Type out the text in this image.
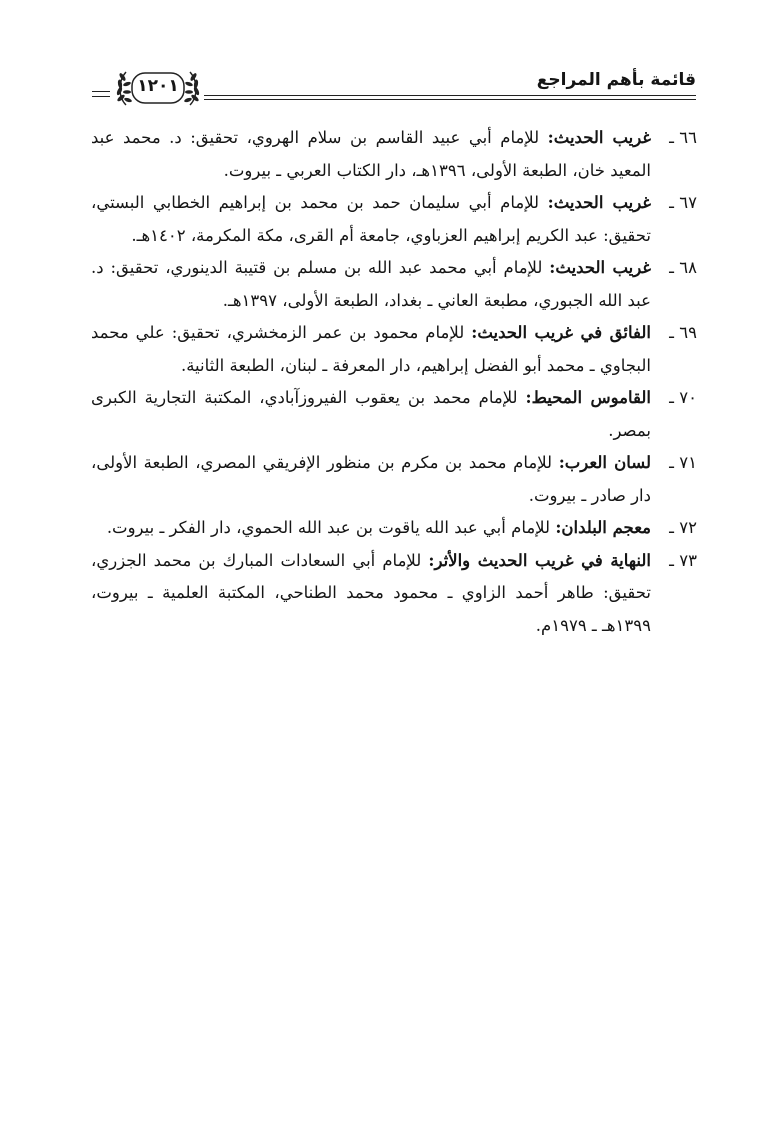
قائمة بأهم المراجع
١٢٠١
٦٦ ـ
غريب الحديث: للإمام أبي عبيد القاسم بن سلام الهروي، تحقيق: د. محمد عبد المعيد خان، الطبعة الأولى، ١٣٩٦هـ، دار الكتاب العربي ـ بيروت.
٦٧ ـ
غريب الحديث: للإمام أبي سليمان حمد بن محمد بن إبراهيم الخطابي البستي، تحقيق: عبد الكريم إبراهيم العزباوي، جامعة أم القرى، مكة المكرمة، ١٤٠٢هـ.
٦٨ ـ
غريب الحديث: للإمام أبي محمد عبد الله بن مسلم بن قتيبة الدينوري، تحقيق: د. عبد الله الجبوري، مطبعة العاني ـ بغداد، الطبعة الأولى، ١٣٩٧هـ.
٦٩ ـ
الفائق في غريب الحديث: للإمام محمود بن عمر الزمخشري، تحقيق: علي محمد البجاوي ـ محمد أبو الفضل إبراهيم، دار المعرفة ـ لبنان، الطبعة الثانية.
٧٠ ـ
القاموس المحيط: للإمام محمد بن يعقوب الفيروزآبادي، المكتبة التجارية الكبرى بمصر.
٧١ ـ
لسان العرب: للإمام محمد بن مكرم بن منظور الإفريقي المصري، الطبعة الأولى، دار صادر ـ بيروت.
٧٢ ـ
معجم البلدان: للإمام أبي عبد الله ياقوت بن عبد الله الحموي، دار الفكر ـ بيروت.
٧٣ ـ
النهاية في غريب الحديث والأثر: للإمام أبي السعادات المبارك بن محمد الجزري، تحقيق: طاهر أحمد الزاوي ـ محمود محمد الطناحي، المكتبة العلمية ـ بيروت، ١٣٩٩هـ ـ ١٩٧٩م.
